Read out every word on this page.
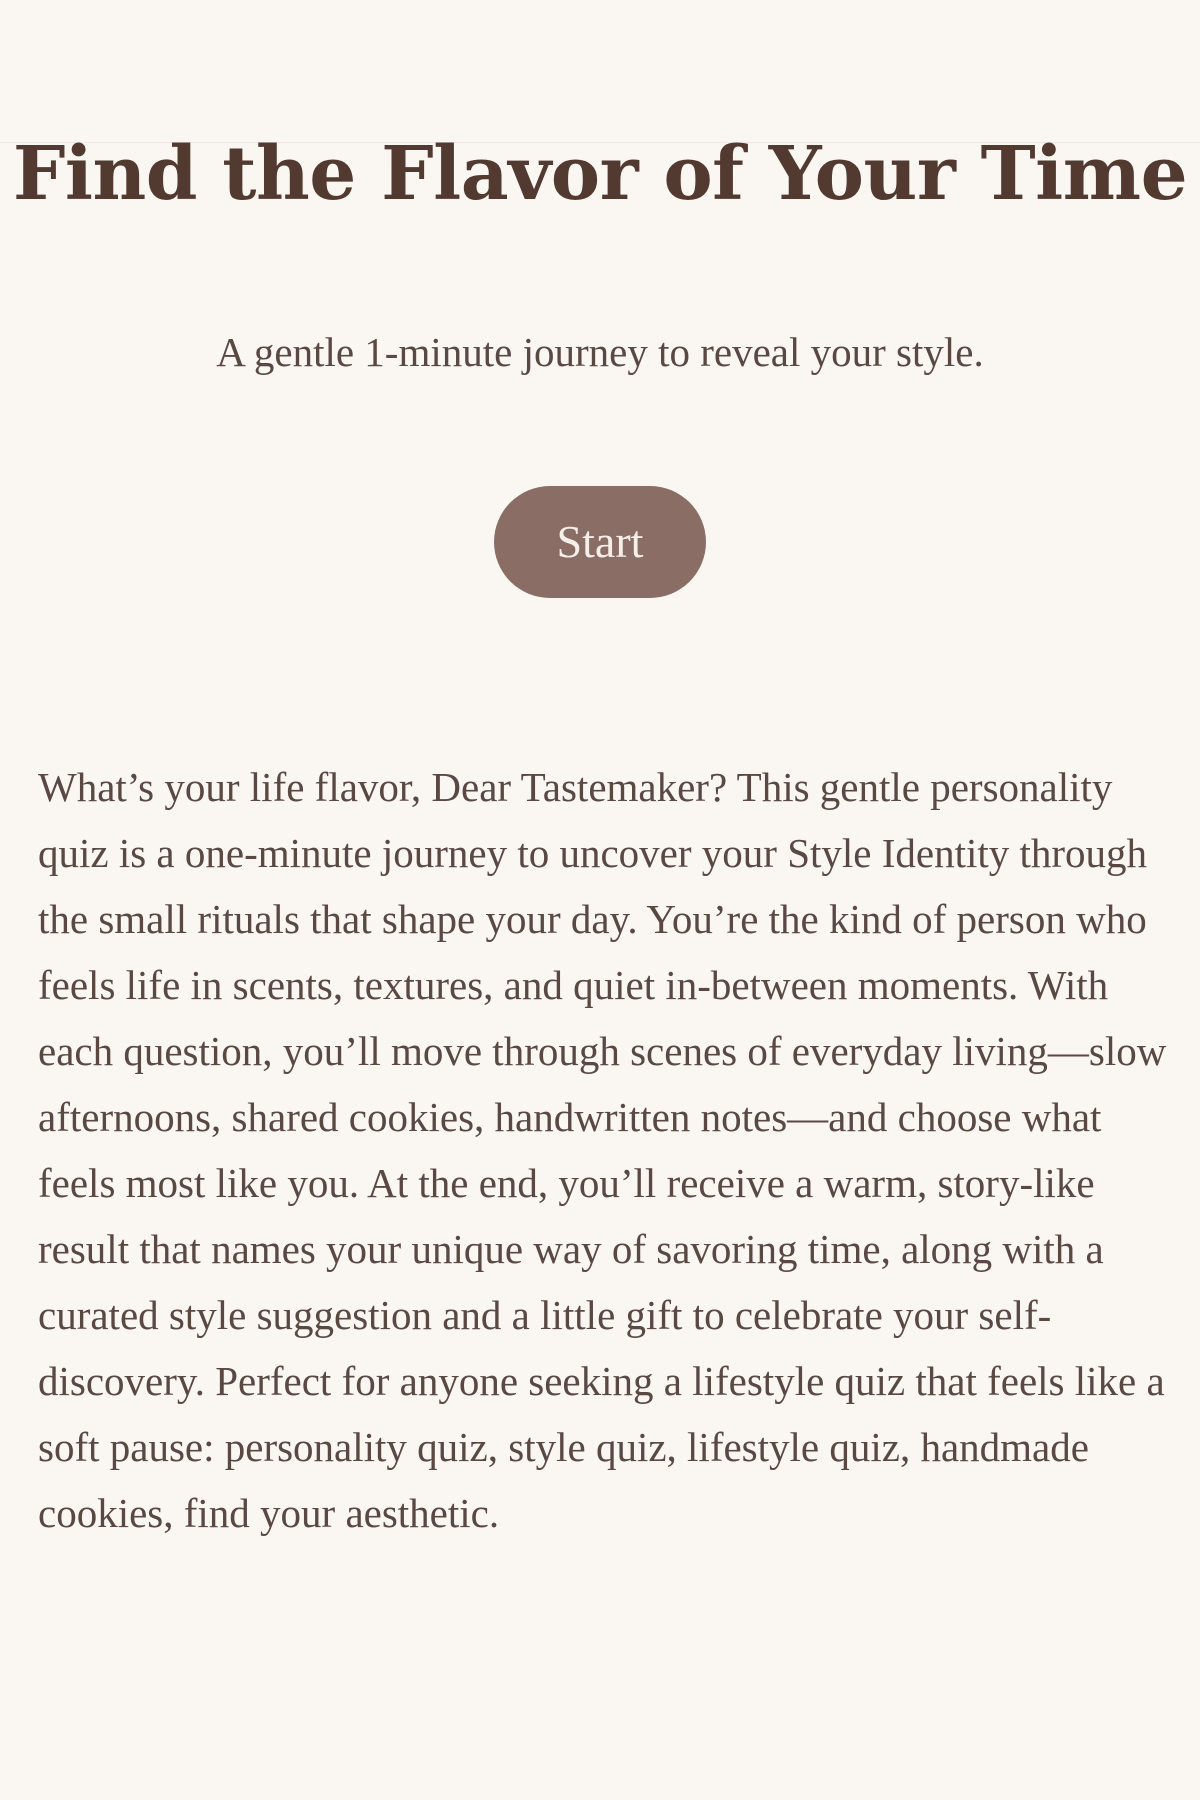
Find the Flavor of Your Time

A gentle 1-minute journey to reveal your style.

Start

What’s your life flavor, Dear Tastemaker? This gentle personality quiz is a one-minute journey to uncover your Style Identity through the small rituals that shape your day. You’re the kind of person who feels life in scents, textures, and quiet in-between moments. With each question, you’ll move through scenes of everyday living—slow afternoons, shared cookies, handwritten notes—and choose what feels most like you. At the end, you’ll receive a warm, story-like result that names your unique way of savoring time, along with a curated style suggestion and a little gift to celebrate your self-discovery. Perfect for anyone seeking a lifestyle quiz that feels like a soft pause: personality quiz, style quiz, lifestyle quiz, handmade cookies, find your aesthetic.
